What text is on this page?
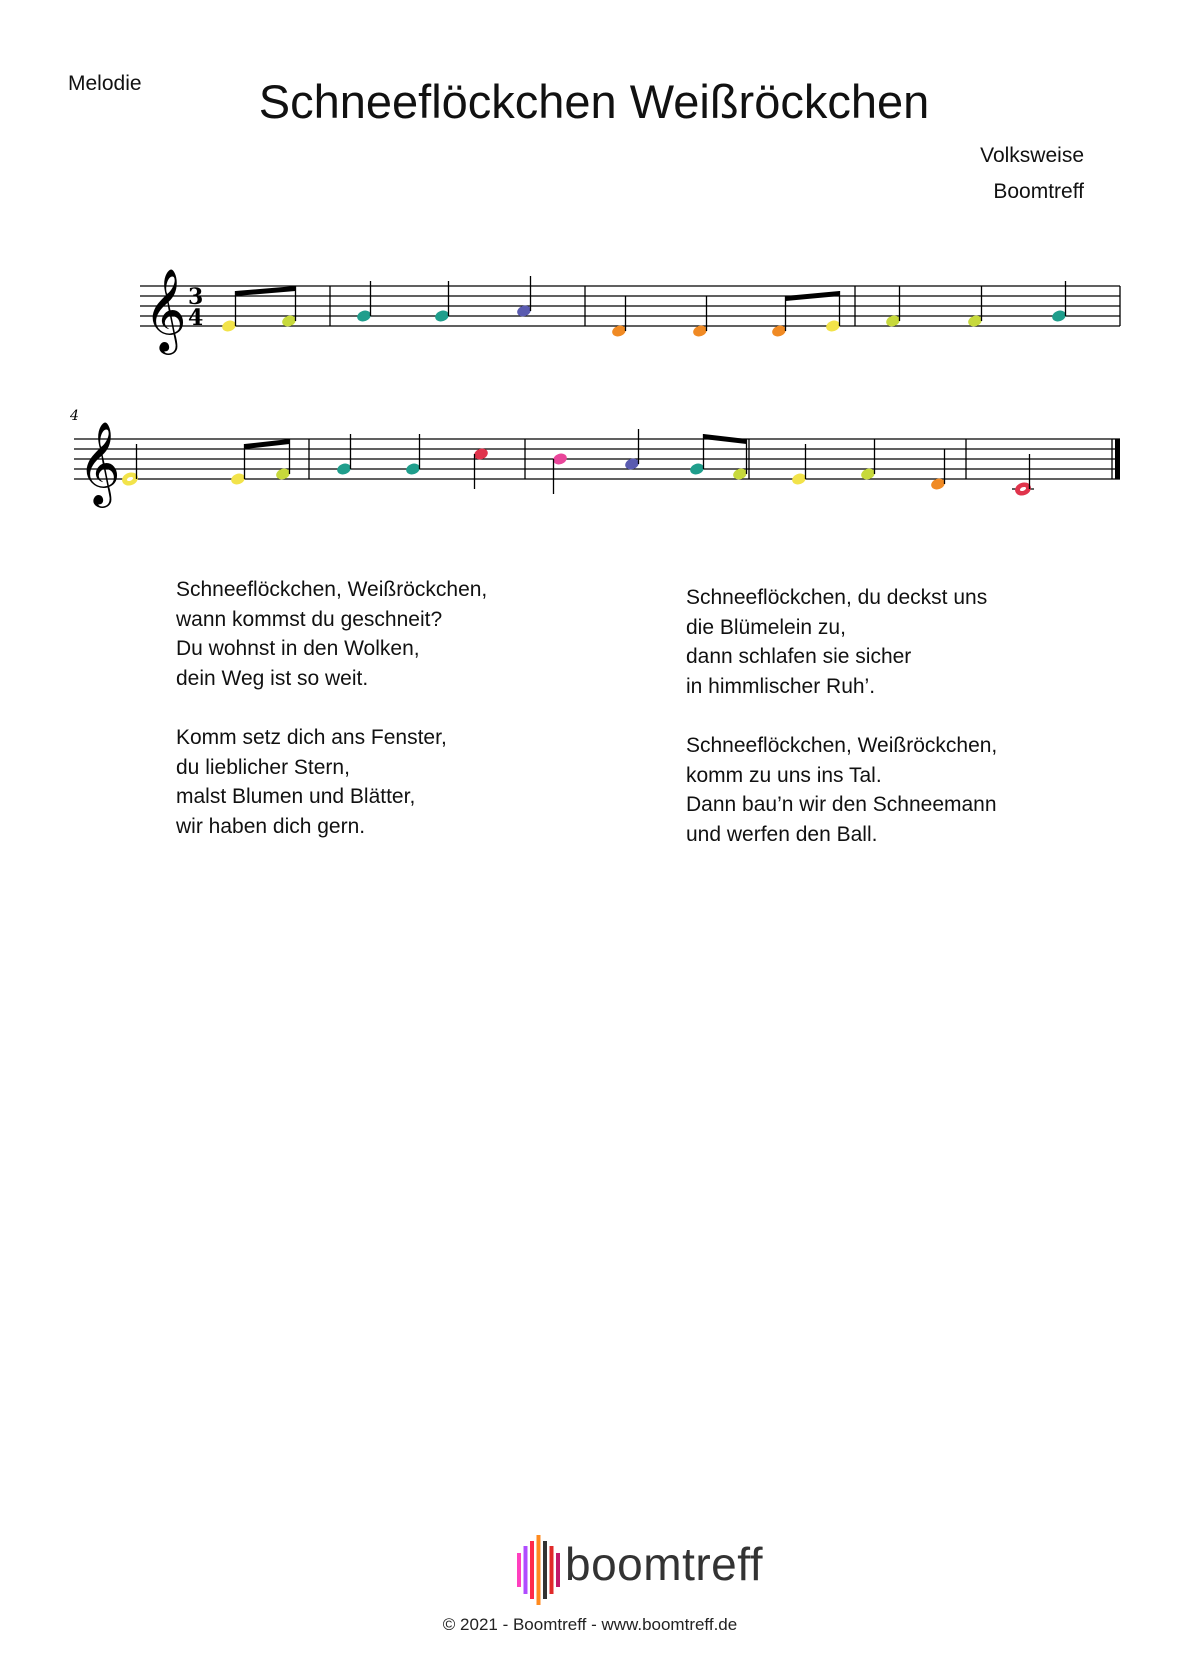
Melodie	Schneeflöckchen Weißröckchen
Volksweise
Boomtreff
𝄞
𝄞
3
4
4
Schneeflöckchen, Weißröckchen,
wann kommst du geschneit?
Du wohnst in den Wolken,
dein Weg ist so weit.
Komm setz dich ans Fenster,
du lieblicher Stern,
malst Blumen und Blätter,
wir haben dich gern.
Schneeflöckchen, du deckst uns
die Blümelein zu,
dann schlafen sie sicher
in himmlischer Ruh’.
Schneeflöckchen, Weißröckchen,
komm zu uns ins Tal.
Dann bau’n wir den Schneemann
und werfen den Ball.
boomtreff
© 2021 - Boomtreff - www.boomtreff.de
